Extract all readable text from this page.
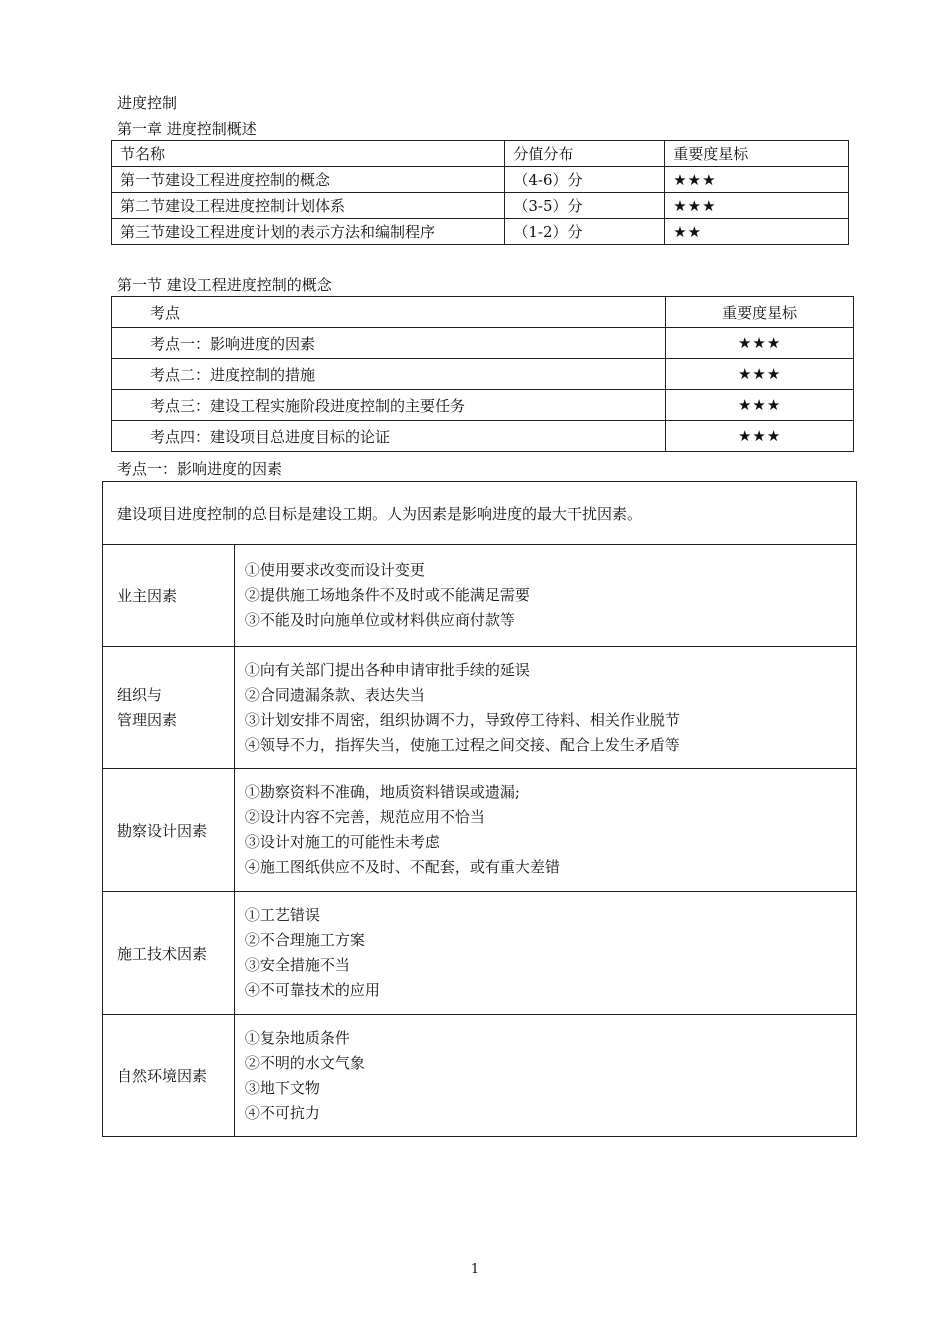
进度控制
第一章 进度控制概述
节名称	分值分布	重要度星标
第一节建设工程进度控制的概念	（4-6）分	★★★
第二节建设工程进度控制计划体系	（3-5）分	★★★
第三节建设工程进度计划的表示方法和编制程序	（1-2）分	★★
第一节 建设工程进度控制的概念
考点	重要度星标
考点一：影响进度的因素	★★★
考点二：进度控制的措施	★★★
考点三：建设工程实施阶段进度控制的主要任务	★★★
考点四：建设项目总进度目标的论证	★★★
考点一：影响进度的因素
建设项目进度控制的总目标是建设工期。人为因素是影响进度的最大干扰因素。	

业主因素	①使用要求改变而设计变更
②提供施工场地条件不及时或不能满足需要
③不能及时向施单位或材料供应商付款等

组织与
管理因素	①向有关部门提出各种申请审批手续的延误
②合同遗漏条款、表达失当
③计划安排不周密，组织协调不力，导致停工待料、相关作业脱节
④领导不力，指挥失当，使施工过程之间交接、配合上发生矛盾等

勘察设计因素	①勘察资料不准确，地质资料错误或遗漏;
②设计内容不完善，规范应用不恰当
③设计对施工的可能性未考虑
④施工图纸供应不及时、不配套，或有重大差错

施工技术因素	①工艺错误
②不合理施工方案
③安全措施不当
④不可靠技术的应用

自然环境因素	①复杂地质条件
②不明的水文气象
③地下文物
④不可抗力
1
